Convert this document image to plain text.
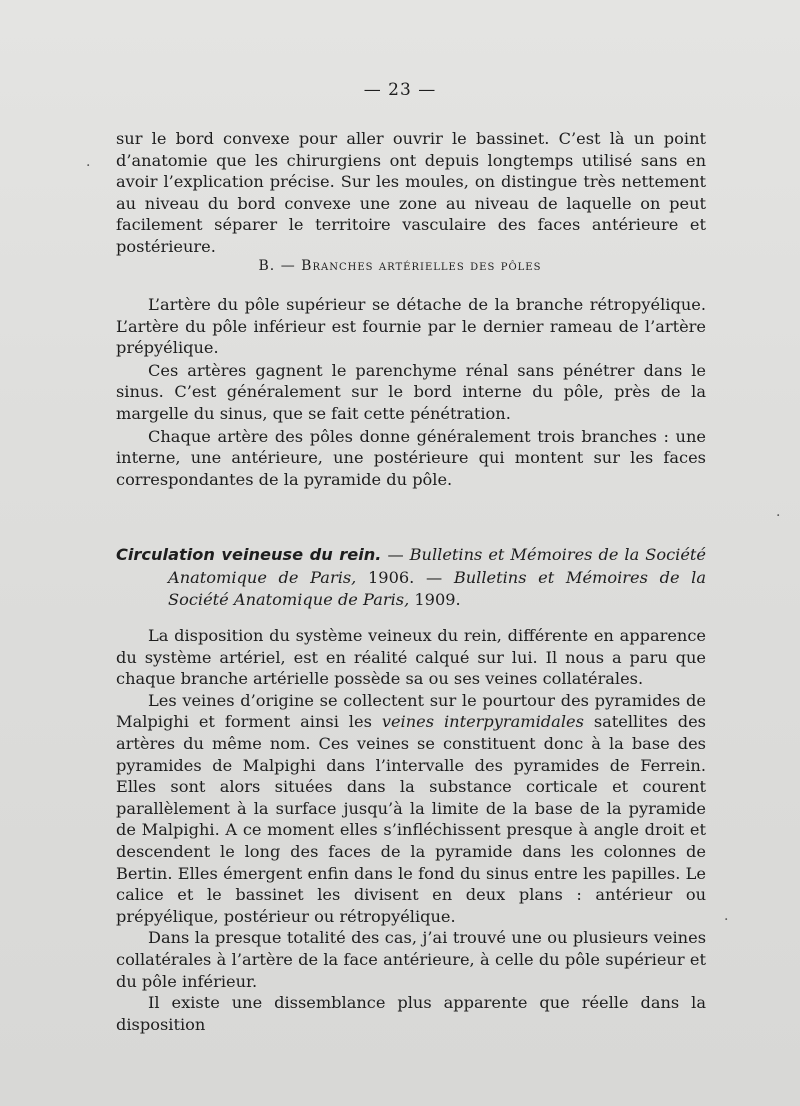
— 23 —

sur le bord convexe pour aller ouvrir le bassinet. C’est là un point d’anatomie que les chirurgiens ont depuis longtemps utilisé sans en avoir l’explication précise. Sur les moules, on distingue très nettement au niveau du bord convexe une zone au niveau de laquelle on peut facilement séparer le territoire vasculaire des faces antérieure et postérieure.

B. — Branches artérielles des pôles

L’artère du pôle supérieur se détache de la branche rétropyélique. L’artère du pôle inférieur est fournie par le dernier rameau de l’artère prépyélique.

Ces artères gagnent le parenchyme rénal sans pénétrer dans le sinus. C’est généralement sur le bord interne du pôle, près de la margelle du sinus, que se fait cette pénétration.

Chaque artère des pôles donne généralement trois branches : une interne, une antérieure, une postérieure qui montent sur les faces correspondantes de la pyramide du pôle.

Circulation veineuse du rein. — Bulletins et Mémoires de la Société Anatomique de Paris, 1906. — Bulletins et Mémoires de la Société Anatomique de Paris, 1909.

La disposition du système veineux du rein, différente en apparence du système artériel, est en réalité calqué sur lui. Il nous a paru que chaque branche artérielle possède sa ou ses veines collatérales.

Les veines d’origine se collectent sur le pourtour des pyramides de Malpighi et forment ainsi les veines interpyramidales satellites des artères du même nom. Ces veines se constituent donc à la base des pyramides de Malpighi dans l’intervalle des pyramides de Ferrein. Elles sont alors situées dans la substance corticale et courent parallèlement à la surface jusqu’à la limite de la base de la pyramide de Malpighi. A ce moment elles s’infléchissent presque à angle droit et descendent le long des faces de la pyramide dans les colonnes de Bertin. Elles émergent enfin dans le fond du sinus entre les papilles. Le calice et le bassinet les divisent en deux plans : antérieur ou prépyélique, postérieur ou rétropyélique.

Dans la presque totalité des cas, j’ai trouvé une ou plusieurs veines collatérales à l’artère de la face antérieure, à celle du pôle supérieur et du pôle inférieur.

Il existe une dissemblance plus apparente que réelle dans la disposition

·
·
·
